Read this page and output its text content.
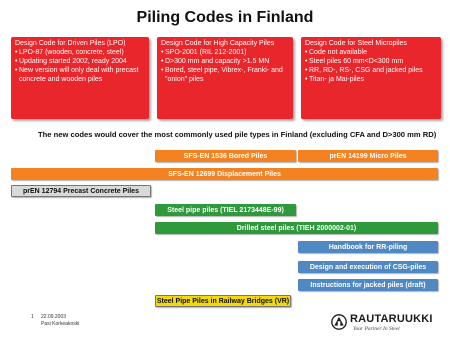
Piling Codes in Finland
Design Code for Driven Piles (LPO)
• LPO-87 (wooden, concrete, steel)
• Updating started 2002, ready 2004
• New version will only deal with precast concrete and wooden piles
Design Code for High Capacity Piles
• SPO-2001 (RIL 212-2001)
• D>300 mm and capacity >1.5 MN
• Bored, steel pipe, Vibrex-, Franki- and "onion" piles
Design Code for Steel Micropiles
• Code not available
• Steel piles 60 mm<D<300 mm
• RR, RD-, RS-, CSG and jacked piles
• Titan- ja Mai-piles
The new codes would cover the most commonly used pile types in Finland (excluding CFA and D>300 mm RD)
SFS-EN 1536 Bored Piles	prEN 14199 Micro Piles
SFS-EN 12699 Displacement Piles
prEN 12794 Precast Concrete Piles
Steel pipe piles (TIEL 2173448E-99)
Drilled steel piles (TIEH 2000002-01)
Handbook for RR-piling
Design and execution of CSG-piles
Instructions for jacked piles (draft)
Steel Pipe Piles in Railway Bridges (VR)
1 22.09.2003
Pasi Korkeakoski	RAUTARUUKKI
Your Partner In Steel
